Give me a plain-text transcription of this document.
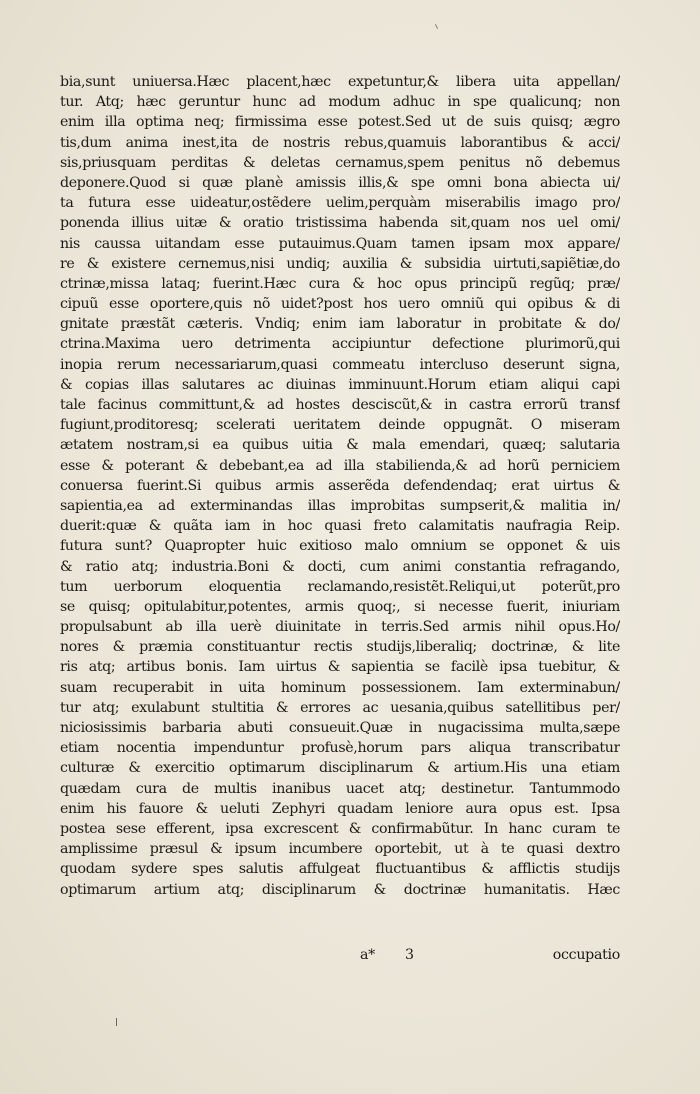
bia,sunt uniuersa.Hæc placent,hæc expetuntur,& libera uita appellan/
tur. Atq; hæc geruntur hunc ad modum adhuc in spe qualicunq; non
enim illa optima neq; firmissima esse potest.Sed ut de suis quisq; ægro
tis,dum anima inest,ita de nostris rebus,quamuis laborantibus & acci/
sis,priusquam perditas & deletas cernamus,spem penitus nõ debemus
deponere.Quod si quæ planè amissis illis,& spe omni bona abiecta ui/
ta futura esse uideatur,ostẽdere uelim,perquàm miserabilis imago pro/
ponenda illius uitæ & oratio tristissima habenda sit,quam nos uel omi/
nis caussa uitandam esse putauimus.Quam tamen ipsam mox appare/
re & existere cernemus,nisi undiq; auxilia & subsidia uirtuti,sapiẽtiæ,do
ctrinæ,missa lataq; fuerint.Hæc cura & hoc opus principũ regũq; præ/
cipuũ esse oportere,quis nõ uidet?post hos uero omniũ qui opibus & di
gnitate præstãt cæteris. Vndiq; enim iam laboratur in probitate & do/
ctrina.Maxima uero detrimenta accipiuntur defectione plurimorũ,qui
inopia rerum necessariarum,quasi commeatu intercluso deserunt signa,
& copias illas salutares ac diuinas imminuunt.Horum etiam aliqui capi
tale facinus committunt,& ad hostes desciscũt,& in castra errorũ transf
fugiunt,proditoresq; scelerati ueritatem deinde oppugnãt. O miseram
ætatem nostram,si ea quibus uitia & mala emendari, quæq; salutaria
esse & poterant & debebant,ea ad illa stabilienda,& ad horũ perniciem
conuersa fuerint.Si quibus armis asserẽda defendendaq; erat uirtus &
sapientia,ea ad exterminandas illas improbitas sumpserit,& malitia in/
duerit:quæ & quãta iam in hoc quasi freto calamitatis naufragia Reip.
futura sunt? Quapropter huic exitioso malo omnium se opponet & uis
& ratio atq; industria.Boni & docti, cum animi constantia refragando,
tum uerborum eloquentia reclamando,resistẽt.Reliqui,ut poterũt,pro
se quisq; opitulabitur,potentes, armis quoq;, si necesse fuerit, iniuriam
propulsabunt ab illa uerè diuinitate in terris.Sed armis nihil opus.Ho/
nores & præmia constituantur rectis studijs,liberaliq; doctrinæ, & lite
ris atq; artibus bonis. Iam uirtus & sapientia se facilè ipsa tuebitur, &
suam recuperabit in uita hominum possessionem. Iam exterminabun/
tur atq; exulabunt stultitia & errores ac uesania,quibus satellitibus per/
niciosissimis barbaria abuti consueuit.Quæ in nugacissima multa,sæpe
etiam nocentia impenduntur profusè,horum pars aliqua transcribatur
culturæ & exercitio optimarum disciplinarum & artium.His una etiam
quædam cura de multis inanibus uacet atq; destinetur. Tantummodo
enim his fauore & ueluti Zephyri quadam leniore aura opus est. Ipsa
postea sese efferent, ipsa excrescent & confirmabũtur. In hanc curam te
amplissime præsul & ipsum incumbere oportebit, ut à te quasi dextro
quodam sydere spes salutis affulgeat fluctuantibus & afflictis studijs
optimarum artium atq; disciplinarum & doctrinæ humanitatis. Hæc
a* 3	occupatio
